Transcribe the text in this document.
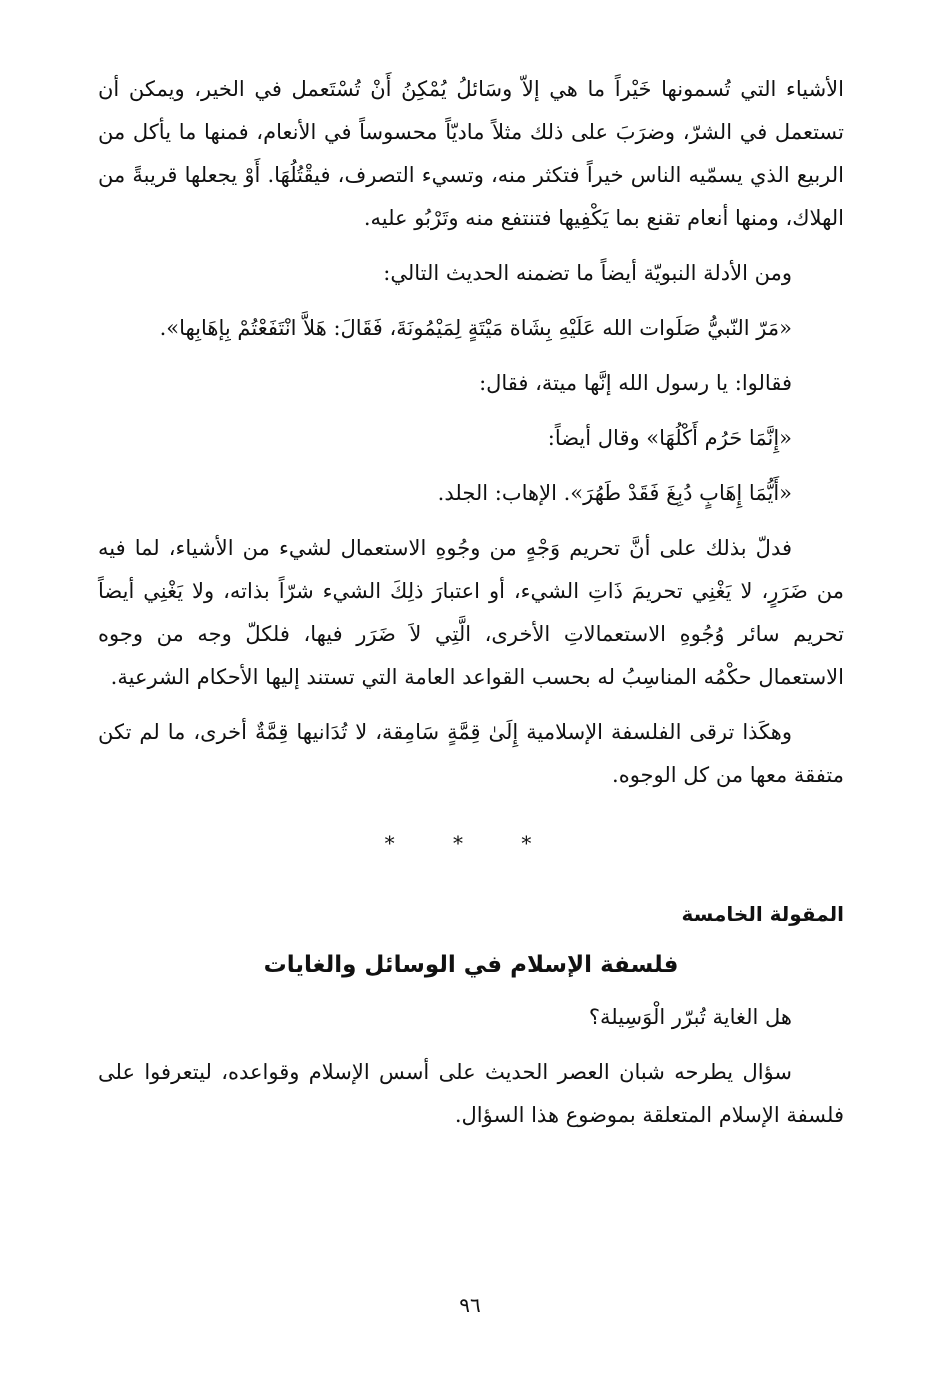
الأشياء التي تُسمونها خَيْراً ما هي إلاّ وسَائلُ يُمْكِنُ أَنْ تُسْتَعمل في الخير، ويمكن أن تستعمل في الشرّ، وضرَبَ على ذلك مثلاً ماديّاً محسوساً في الأنعام، فمنها ما يأكل من الربيع الذي يسمّيه الناس خيراً فتكثر منه، وتسيء التصرف، فيقْتُلُهَا. أَوْ يجعلها قريبةً من الهلاك، ومنها أنعام تقنع بما يَكْفِيها فتنتفع منه وتَرْبُو عليه.

ومن الأدلة النبويّة أيضاً ما تضمنه الحديث التالي:

«مَرّ النّبيُّ صَلَوات الله عَلَيْهِ بِشَاة مَيْتَةٍ لِمَيْمُونَةَ، فَقَالَ: هَلاَّ انْتَفَعْتُمْ بِإهَابِها».

فقالوا: يا رسول الله إنَّها ميتة، فقال:

«إِنَّمَا حَرُم أَكْلُهَا» وقال أيضاً:

«أَيُّمَا إِهَابٍ دُبِغَ فَقَدْ طَهُرَ». الإهاب: الجلد.

فدلّ بذلك على أنَّ تحريم وَجْهٍ من وجُوهِ الاستعمال لشيء من الأشياء، لما فيه من ضَرَرٍ، لا يَغْنِي تحريمَ ذَاتِ الشيء، أو اعتبارَ ذلِكَ الشيء شرّاً بذاته، ولا يَغْنِي أيضاً تحريم سائر وُجُوهِ الاستعمالاتِ الأخرى، الَّتِي لاَ ضَرَر فيها، فلكلّ وجه من وجوه الاستعمال حكْمُه المناسِبُ له بحسب القواعد العامة التي تستند إليها الأحكام الشرعية.

وهكَذا ترقى الفلسفة الإسلامية إِلَىٰ قِمَّةٍ سَامِقة، لا تُدَانيها قِمَّةٌ أخرى، ما لم تكن متفقة معها من كل الوجوه.

* * *
المقولة الخامسة
فلسفة الإسلام في الوسائل والغايات

هل الغاية تُبرّر الْوَسِيلة؟

سؤال يطرحه شبان العصر الحديث على أسس الإسلام وقواعده، ليتعرفوا على فلسفة الإسلام المتعلقة بموضوع هذا السؤال.

٩٦
